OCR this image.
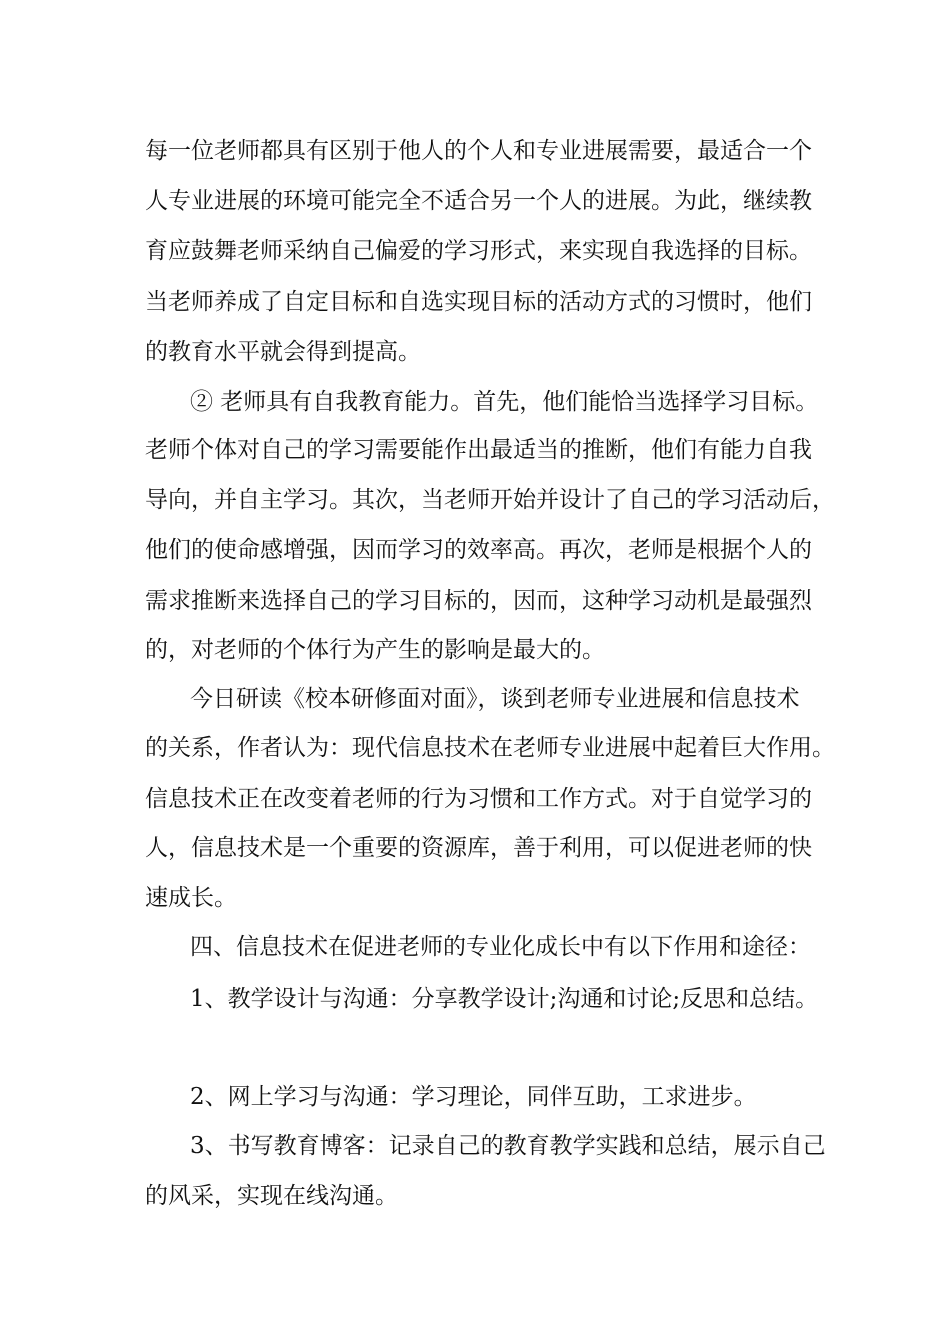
每一位老师都具有区别于他人的个人和专业进展需要，最适合一个

人专业进展的环境可能完全不适合另一个人的进展。为此，继续教

育应鼓舞老师采纳自己偏爱的学习形式，来实现自我选择的目标。

当老师养成了自定目标和自选实现目标的活动方式的习惯时，他们

的教育水平就会得到提高。

② 老师具有自我教育能力。首先，他们能恰当选择学习目标。

老师个体对自己的学习需要能作出最适当的推断，他们有能力自我

导向，并自主学习。其次，当老师开始并设计了自己的学习活动后，

他们的使命感增强，因而学习的效率高。再次，老师是根据个人的

需求推断来选择自己的学习目标的，因而，这种学习动机是最强烈

的，对老师的个体行为产生的影响是最大的。

今日研读《校本研修面对面》，谈到老师专业进展和信息技术

的关系，作者认为：现代信息技术在老师专业进展中起着巨大作用。

信息技术正在改变着老师的行为习惯和工作方式。对于自觉学习的

人，信息技术是一个重要的资源库，善于利用，可以促进老师的快

速成长。

四、信息技术在促进老师的专业化成长中有以下作用和途径：

1、教学设计与沟通：分享教学设计;沟通和讨论;反思和总结。

2、网上学习与沟通：学习理论，同伴互助，工求进步。

3、书写教育博客：记录自己的教育教学实践和总结，展示自己

的风采，实现在线沟通。
